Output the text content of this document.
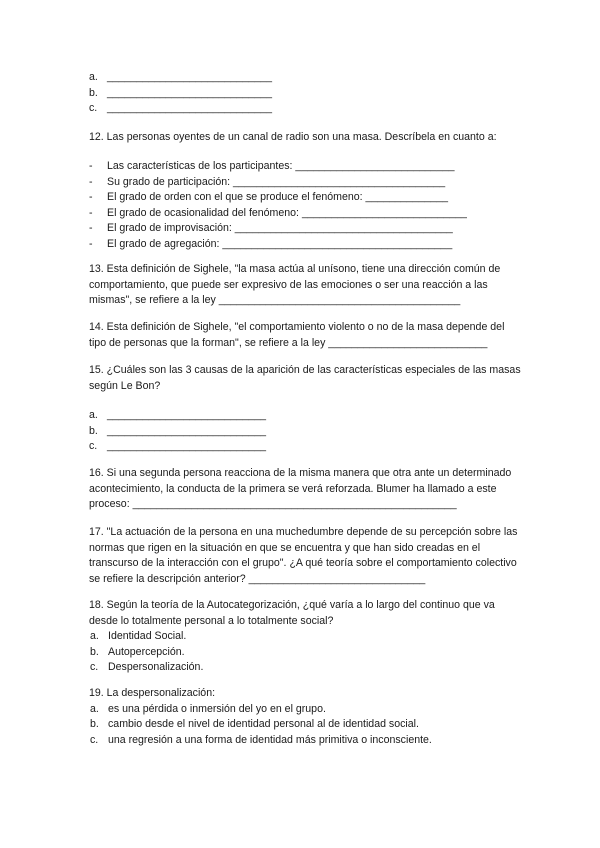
a. ____________________________
b. ____________________________
c. ____________________________

12. Las personas oyentes de un canal de radio son una masa. Descríbela en cuanto a:

-	Las características de los participantes: ___________________________
-	Su grado de participación: ____________________________________
-	El grado de orden con el que se produce el fenómeno: ______________
-	El grado de ocasionalidad del fenómeno: ____________________________
-	El grado de improvisación: _____________________________________
-	El grado de agregación: _______________________________________

13. Esta definición de Sighele, "la masa actúa al unísono, tiene una dirección común de

comportamiento, que puede ser expresivo de las emociones o ser una reacción a las

mismas", se refiere a la ley _________________________________________

14. Esta definición de Sighele, "el comportamiento violento o no de la masa depende del

tipo de personas que la forman", se refiere a la ley ___________________________

15. ¿Cuáles son las 3 causas de la aparición de las características especiales de las masas

según Le Bon?

a. ___________________________
b. ___________________________
c. ___________________________

16. Si una segunda persona reacciona de la misma manera que otra ante un determinado

acontecimiento, la conducta de la primera se verá reforzada. Blumer ha llamado a este

proceso: _______________________________________________________

17. "La actuación de la persona en una muchedumbre depende de su percepción sobre las

normas que rigen en la situación en que se encuentra y que han sido creadas en el

transcurso de la interacción con el grupo". ¿A qué teoría sobre el comportamiento colectivo

se refiere la descripción anterior? ______________________________

18. Según la teoría de la Autocategorización, ¿qué varía a lo largo del continuo que va

desde lo totalmente personal a lo totalmente social?

a. Identidad Social.
b. Autopercepción.
c. Despersonalización.

19. La despersonalización:

a. es una pérdida o inmersión del yo en el grupo.
b. cambio desde el nivel de identidad personal al de identidad social.
c. una regresión a una forma de identidad más primitiva o inconsciente.
